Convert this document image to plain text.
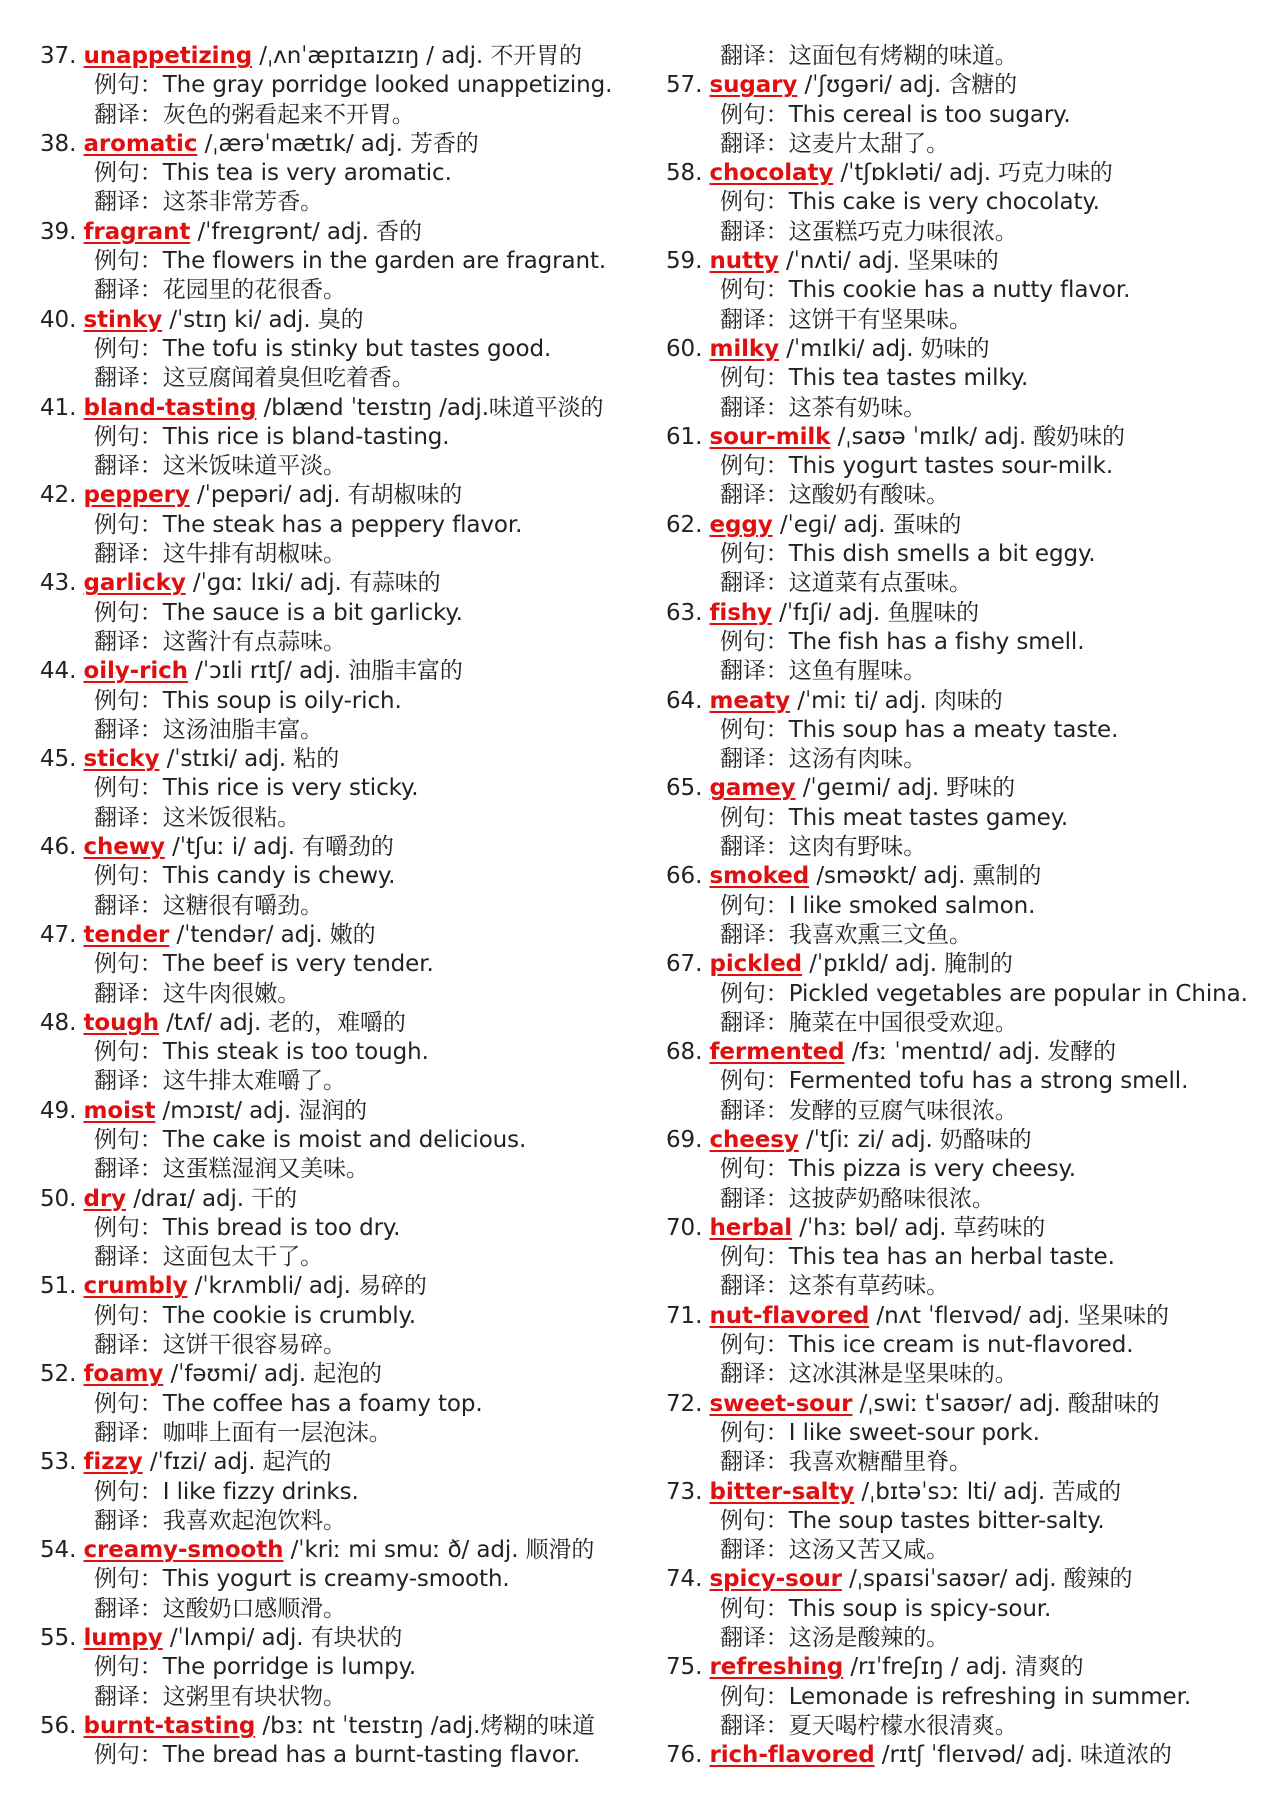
37. unappetizing /ˌʌnˈæpɪtaɪzɪŋ / adj. 不开胃的
例句：The gray porridge looked unappetizing.
翻译：灰色的粥看起来不开胃。
38. aromatic /ˌærəˈmætɪk/ adj. 芳香的
例句：This tea is very aromatic.
翻译：这茶非常芳香。
39. fragrant /ˈfreɪɡrənt/ adj. 香的
例句：The flowers in the garden are fragrant.
翻译：花园里的花很香。
40. stinky /ˈstɪŋ ki/ adj. 臭的
例句：The tofu is stinky but tastes good.
翻译：这豆腐闻着臭但吃着香。
41. bland-tasting /blænd ˈteɪstɪŋ /adj.味道平淡的
例句：This rice is bland-tasting.
翻译：这米饭味道平淡。
42. peppery /ˈpepəri/ adj. 有胡椒味的
例句：The steak has a peppery flavor.
翻译：这牛排有胡椒味。
43. garlicky /ˈɡɑː lɪki/ adj. 有蒜味的
例句：The sauce is a bit garlicky.
翻译：这酱汁有点蒜味。
44. oily-rich /ˈɔɪli rɪtʃ/ adj. 油脂丰富的
例句：This soup is oily-rich.
翻译：这汤油脂丰富。
45. sticky /ˈstɪki/ adj. 粘的
例句：This rice is very sticky.
翻译：这米饭很粘。
46. chewy /ˈtʃuː i/ adj. 有嚼劲的
例句：This candy is chewy.
翻译：这糖很有嚼劲。
47. tender /ˈtendər/ adj. 嫩的
例句：The beef is very tender.
翻译：这牛肉很嫩。
48. tough /tʌf/ adj. 老的，难嚼的
例句：This steak is too tough.
翻译：这牛排太难嚼了。
49. moist /mɔɪst/ adj. 湿润的
例句：The cake is moist and delicious.
翻译：这蛋糕湿润又美味。
50. dry /draɪ/ adj. 干的
例句：This bread is too dry.
翻译：这面包太干了。
51. crumbly /ˈkrʌmbli/ adj. 易碎的
例句：The cookie is crumbly.
翻译：这饼干很容易碎。
52. foamy /ˈfəʊmi/ adj. 起泡的
例句：The coffee has a foamy top.
翻译：咖啡上面有一层泡沫。
53. fizzy /ˈfɪzi/ adj. 起汽的
例句：I like fizzy drinks.
翻译：我喜欢起泡饮料。
54. creamy-smooth /ˈkriː mi smuː ð/ adj. 顺滑的
例句：This yogurt is creamy-smooth.
翻译：这酸奶口感顺滑。
55. lumpy /ˈlʌmpi/ adj. 有块状的
例句：The porridge is lumpy.
翻译：这粥里有块状物。
56. burnt-tasting /bɜː nt ˈteɪstɪŋ /adj.烤糊的味道
例句：The bread has a burnt-tasting flavor.
翻译：这面包有烤糊的味道。
57. sugary /ˈʃʊɡəri/ adj. 含糖的
例句：This cereal is too sugary.
翻译：这麦片太甜了。
58. chocolaty /ˈtʃɒkləti/ adj. 巧克力味的
例句：This cake is very chocolaty.
翻译：这蛋糕巧克力味很浓。
59. nutty /ˈnʌti/ adj. 坚果味的
例句：This cookie has a nutty flavor.
翻译：这饼干有坚果味。
60. milky /ˈmɪlki/ adj. 奶味的
例句：This tea tastes milky.
翻译：这茶有奶味。
61. sour-milk /ˌsaʊə ˈmɪlk/ adj. 酸奶味的
例句：This yogurt tastes sour-milk.
翻译：这酸奶有酸味。
62. eggy /ˈeɡi/ adj. 蛋味的
例句：This dish smells a bit eggy.
翻译：这道菜有点蛋味。
63. fishy /ˈfɪʃi/ adj. 鱼腥味的
例句：The fish has a fishy smell.
翻译：这鱼有腥味。
64. meaty /ˈmiː ti/ adj. 肉味的
例句：This soup has a meaty taste.
翻译：这汤有肉味。
65. gamey /ˈɡeɪmi/ adj. 野味的
例句：This meat tastes gamey.
翻译：这肉有野味。
66. smoked /sməʊkt/ adj. 熏制的
例句：I like smoked salmon.
翻译：我喜欢熏三文鱼。
67. pickled /ˈpɪkld/ adj. 腌制的
例句：Pickled vegetables are popular in China.
翻译：腌菜在中国很受欢迎。
68. fermented /fɜː ˈmentɪd/ adj. 发酵的
例句：Fermented tofu has a strong smell.
翻译：发酵的豆腐气味很浓。
69. cheesy /ˈtʃiː zi/ adj. 奶酪味的
例句：This pizza is very cheesy.
翻译：这披萨奶酪味很浓。
70. herbal /ˈhɜː bəl/ adj. 草药味的
例句：This tea has an herbal taste.
翻译：这茶有草药味。
71. nut-flavored /nʌt ˈfleɪvəd/ adj. 坚果味的
例句：This ice cream is nut-flavored.
翻译：这冰淇淋是坚果味的。
72. sweet-sour /ˌswiː tˈsaʊər/ adj. 酸甜味的
例句：I like sweet-sour pork.
翻译：我喜欢糖醋里脊。
73. bitter-salty /ˌbɪtəˈsɔː lti/ adj. 苦咸的
例句：The soup tastes bitter-salty.
翻译：这汤又苦又咸。
74. spicy-sour /ˌspaɪsiˈsaʊər/ adj. 酸辣的
例句：This soup is spicy-sour.
翻译：这汤是酸辣的。
75. refreshing /rɪˈfreʃɪŋ / adj. 清爽的
例句：Lemonade is refreshing in summer.
翻译：夏天喝柠檬水很清爽。
76. rich-flavored /rɪtʃ ˈfleɪvəd/ adj. 味道浓的
